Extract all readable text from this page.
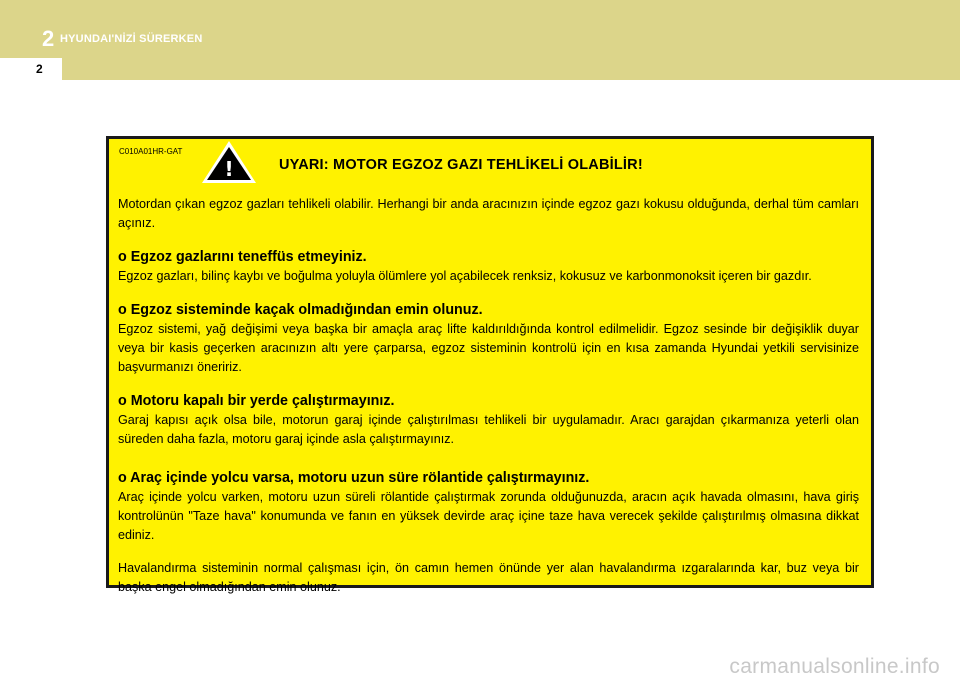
2 HYUNDAI'NİZİ SÜRERKEN
2
C010A01HR-GAT
!	UYARI: MOTOR EGZOZ GAZI TEHLİKELİ OLABİLİR!

Motordan çıkan egzoz gazları tehlikeli olabilir. Herhangi bir anda aracınızın içinde egzoz gazı kokusu olduğunda, derhal tüm camları açınız.

o Egzoz gazlarını teneffüs etmeyiniz.

Egzoz gazları, bilinç kaybı ve boğulma yoluyla ölümlere yol açabilecek renksiz, kokusuz ve karbonmonoksit içeren bir gazdır.

o Egzoz sisteminde kaçak olmadığından emin olunuz.

Egzoz sistemi, yağ değişimi veya başka bir amaçla araç lifte kaldırıldığında kontrol edilmelidir. Egzoz sesinde bir değişiklik duyar veya bir kasis geçerken aracınızın altı yere çarparsa, egzoz sisteminin kontrolü için en kısa zamanda Hyundai yetkili servisinize başvurmanızı öneririz.

o Motoru kapalı bir yerde çalıştırmayınız.

Garaj kapısı açık olsa bile, motorun garaj içinde çalıştırılması tehlikeli bir uygulamadır. Aracı garajdan çıkarmanıza yeterli olan süreden daha fazla, motoru garaj içinde asla çalıştırmayınız.

o Araç içinde yolcu varsa, motoru uzun süre rölantide çalıştırmayınız.

Araç içinde yolcu varken, motoru uzun süreli rölantide çalıştırmak zorunda olduğunuzda, aracın açık havada olmasını, hava giriş kontrolünün "Taze hava" konumunda ve fanın en yüksek devirde araç içine taze hava verecek şekilde çalıştırılmış olmasına dikkat ediniz.

Havalandırma sisteminin normal çalışması için, ön camın hemen önünde yer alan havalandırma ızgaralarında kar, buz veya bir başka engel olmadığından emin olunuz.

carmanualsonline.info
